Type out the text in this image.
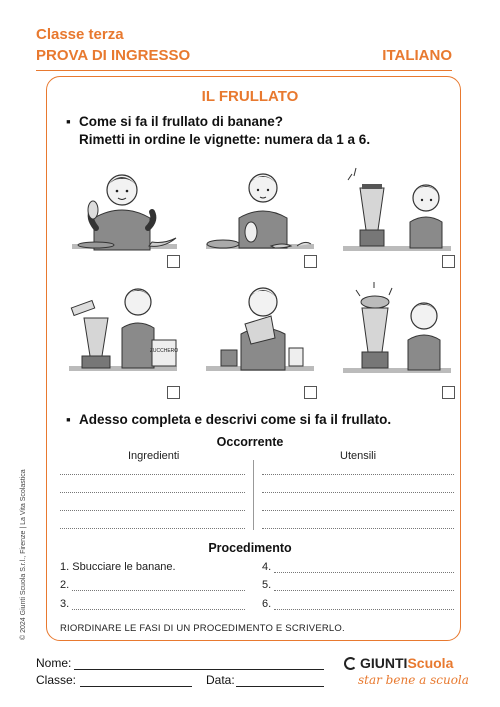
Classe terza
PROVA DI INGRESSO	ITALIANO
IL FRULLATO
▪ Come si fa il frullato di banane?
Rimetti in ordine le vignette: numera da 1 a 6.
ZUCCHERO
▪ Adesso completa e descrivi come si fa il frullato.
Occorrente
Ingredienti	Utensili
Procedimento
1. Sbucciare le banane.
2.
3.
4.
5.
6.
RIORDINARE LE FASI DI UN PROCEDIMENTO E SCRIVERLO.
© 2024 Giunti Scuola S.r.l., Firenze | La Vita Scolastica
Nome:
Classe:	Data:
GIUNTIScuola
star bene a scuola
